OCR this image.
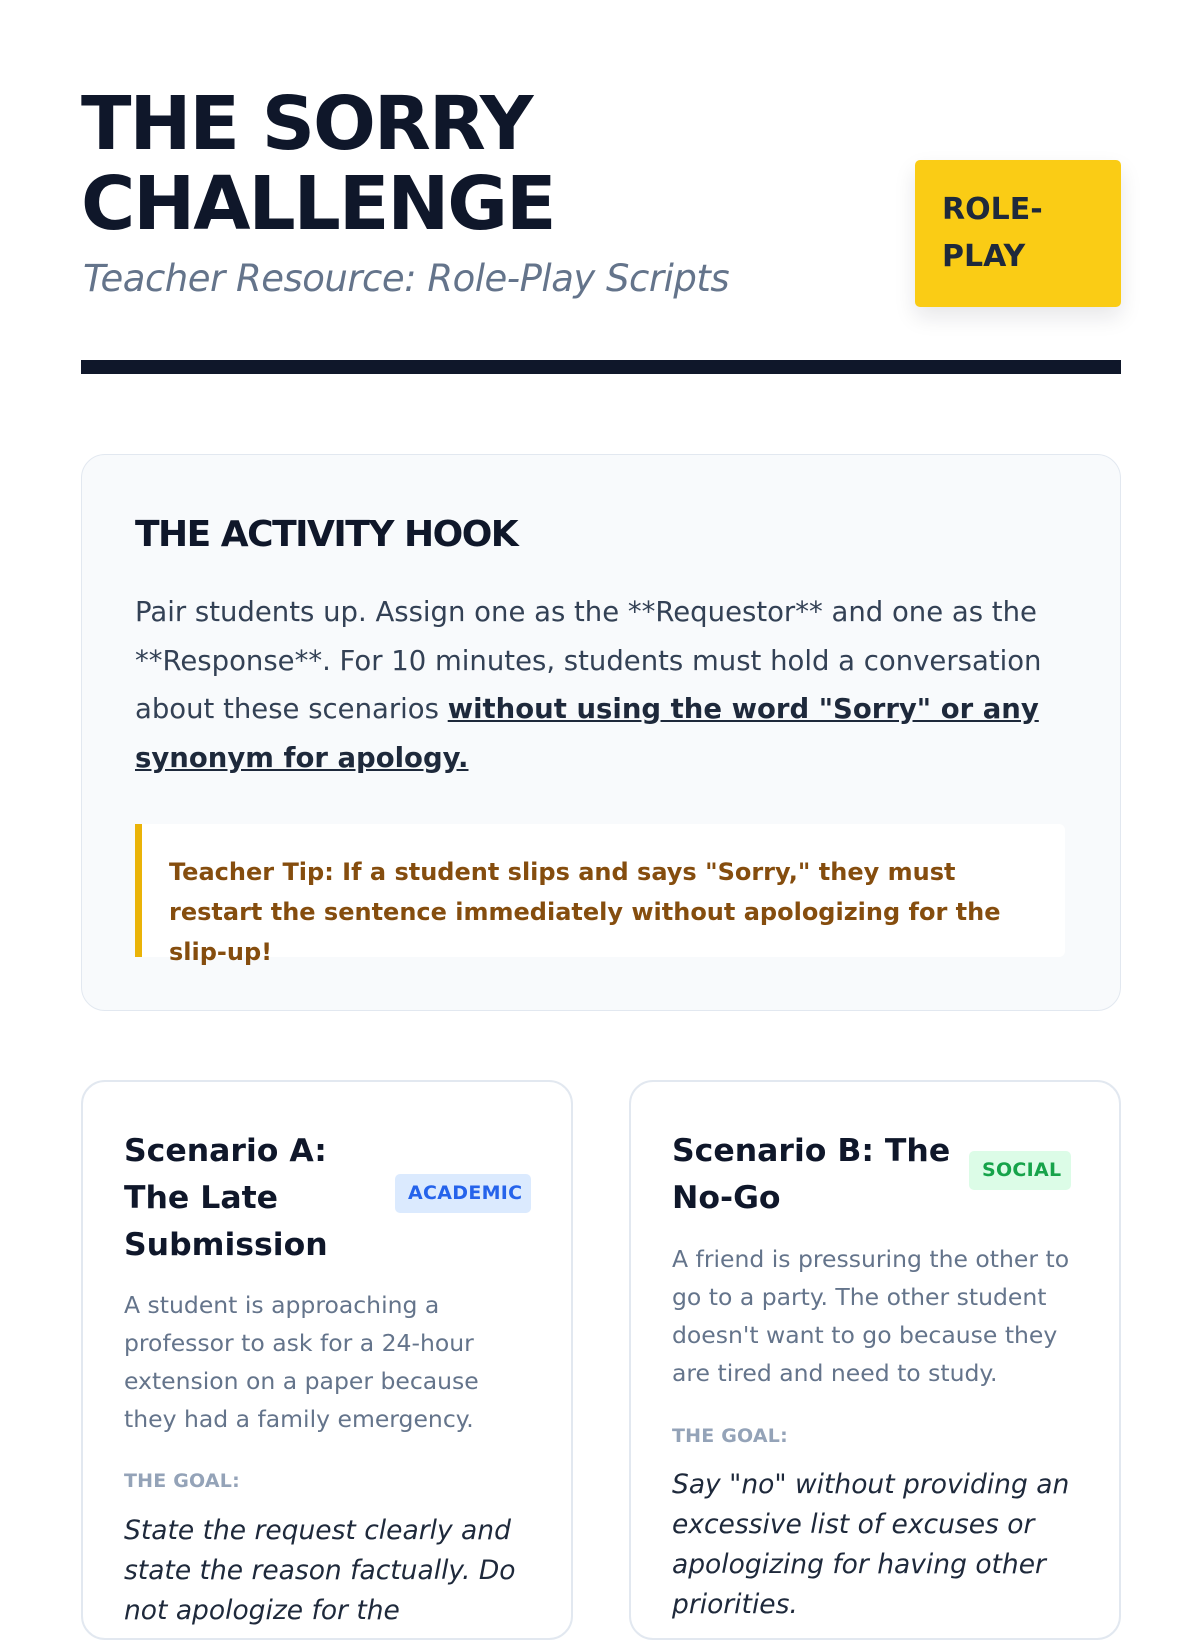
THE SORRY CHALLENGE

Teacher Resource: Role-Play Scripts

ROLE-PLAY
THE ACTIVITY HOOK

Pair students up. Assign one as the **Requestor** and one as the **Response**. For 10 minutes, students must hold a conversation about these scenarios without using the word "Sorry" or any synonym for apology.

Teacher Tip: If a student slips and says "Sorry," they must restart the sentence immediately without apologizing for the slip-up!
Scenario A: The Late Submission
ACADEMIC

A student is approaching a professor to ask for a 24-hour extension on a paper because they had a family emergency.

THE GOAL:

State the request clearly and state the reason factually. Do not apologize for the

Scenario B: The No-Go
SOCIAL

A friend is pressuring the other to go to a party. The other student doesn't want to go because they are tired and need to study.

THE GOAL:

Say "no" without providing an excessive list of excuses or apologizing for having other priorities.
